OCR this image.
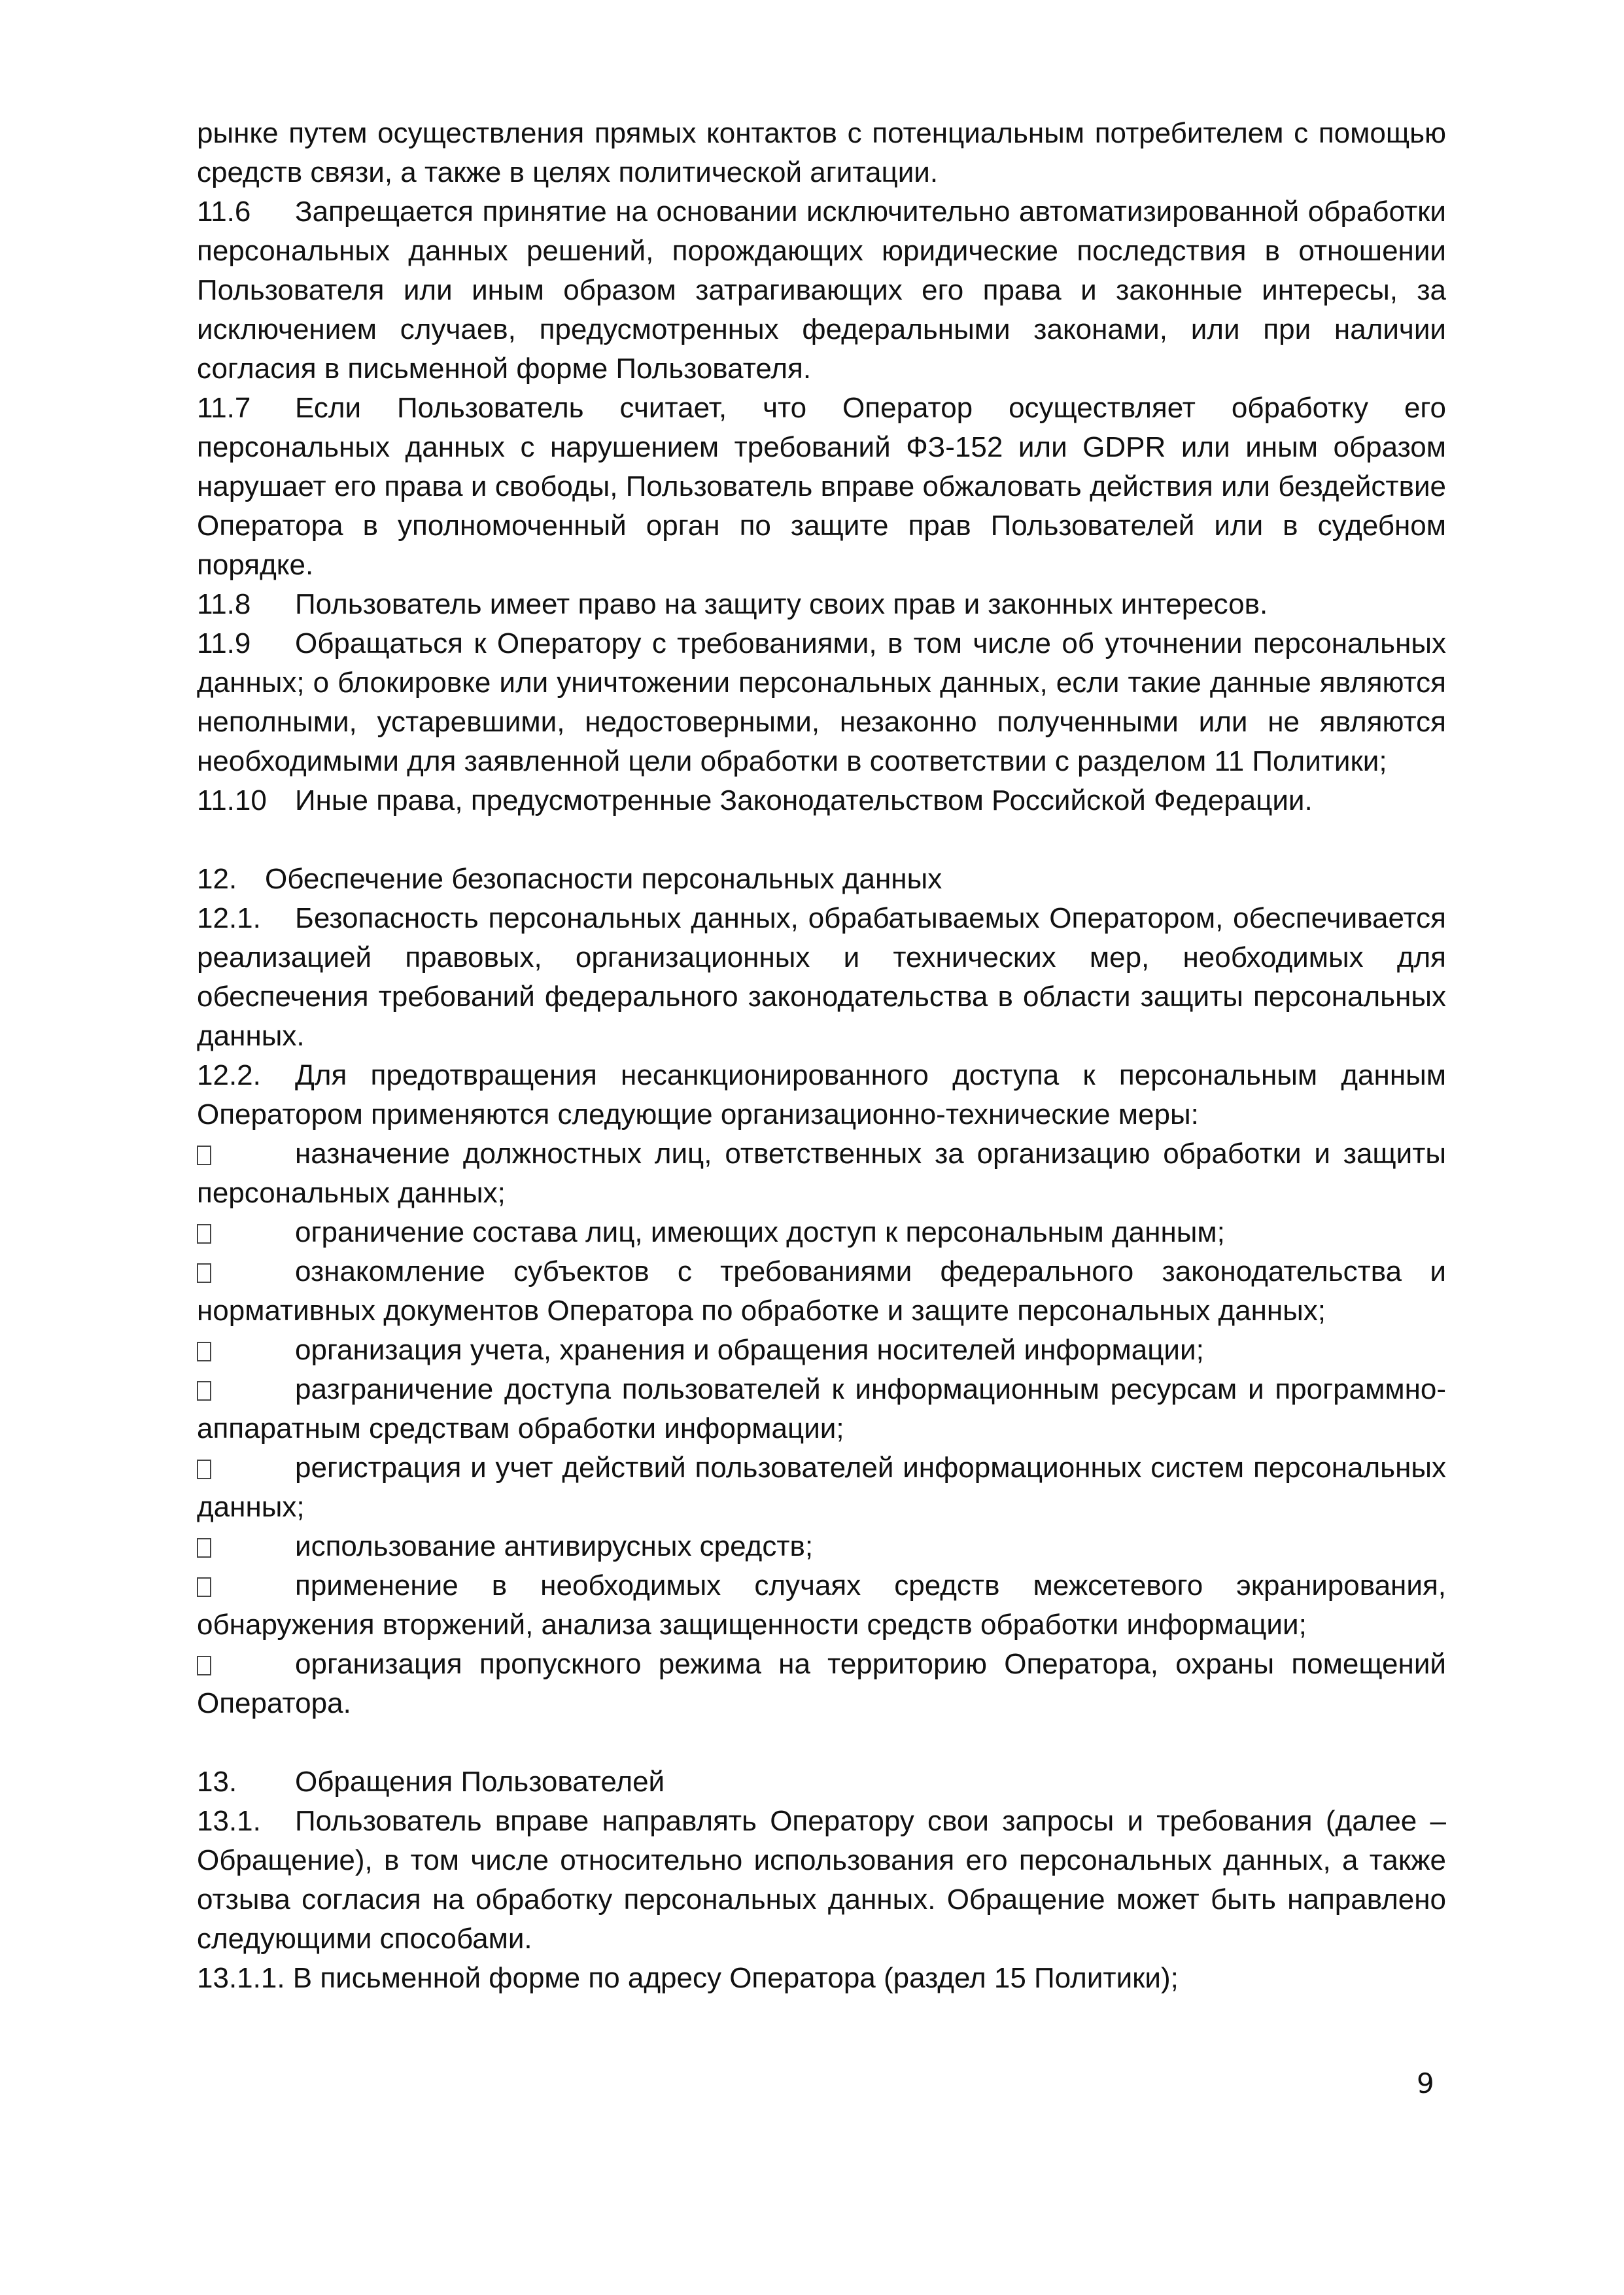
рынке путем осуществления прямых контактов с потенциальным потребителем с помощью средств связи, а также в целях политической агитации.

11.6 Запрещается принятие на основании исключительно автоматизированной обработки персональных данных решений, порождающих юридические последствия в отношении Пользователя или иным образом затрагивающих его права и законные интересы, за исключением случаев, предусмотренных федеральными законами, или при наличии согласия в письменной форме Пользователя.

11.7 Если Пользователь считает, что Оператор осуществляет обработку его персональных данных с нарушением требований ФЗ-152 или GDPR или иным образом нарушает его права и свободы, Пользователь вправе обжаловать действия или бездействие Оператора в уполномоченный орган по защите прав Пользователей или в судебном порядке.

11.8 Пользователь имеет право на защиту своих прав и законных интересов.

11.9 Обращаться к Оператору с требованиями, в том числе об уточнении персональных данных; о блокировке или уничтожении персональных данных, если такие данные являются неполными, устаревшими, недостоверными, незаконно полученными или не являются необходимыми для заявленной цели обработки в соответствии с разделом 11 Политики;

11.10 Иные права, предусмотренные Законодательством Российской Федерации.

12. Обеспечение безопасности персональных данных

12.1. Безопасность персональных данных, обрабатываемых Оператором, обеспечивается реализацией правовых, организационных и технических мер, необходимых для обеспечения требований федерального законодательства в области защиты персональных данных.

12.2. Для предотвращения несанкционированного доступа к персональным данным Оператором применяются следующие организационно-технические меры:

назначение должностных лиц, ответственных за организацию обработки и защиты персональных данных;

ограничение состава лиц, имеющих доступ к персональным данным;

ознакомление субъектов с требованиями федерального законодательства и нормативных документов Оператора по обработке и защите персональных данных;

организация учета, хранения и обращения носителей информации;

разграничение доступа пользователей к информационным ресурсам и программно-аппаратным средствам обработки информации;

регистрация и учет действий пользователей информационных систем персональных данных;

использование антивирусных средств;

применение в необходимых случаях средств межсетевого экранирования, обнаружения вторжений, анализа защищенности средств обработки информации;

организация пропускного режима на территорию Оператора, охраны помещений Оператора.

13. Обращения Пользователей

13.1. Пользователь вправе направлять Оператору свои запросы и требования (далее – Обращение), в том числе относительно использования его персональных данных, а также отзыва согласия на обработку персональных данных. Обращение может быть направлено следующими способами.

13.1.1. В письменной форме по адресу Оператора (раздел 15 Политики);

9
